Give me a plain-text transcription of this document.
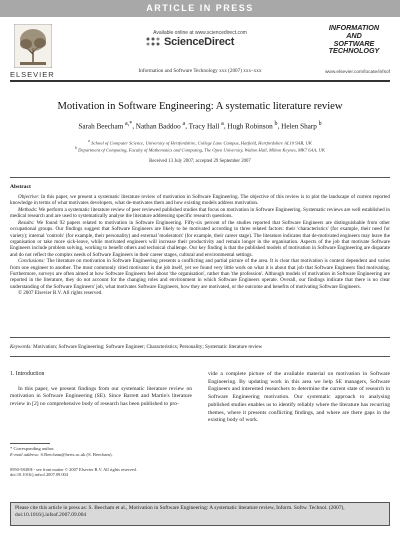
ARTICLE IN PRESS
ELSEVIER
Available online at www.sciencedirect.com
ScienceDirect
Information and Software Technology xxx (2007) xxx–xxx
INFORMATION
AND
SOFTWARE
TECHNOLOGY
www.elsevier.com/locate/infsof
Motivation in Software Engineering: A systematic literature review
Sarah Beecham $^{a,*}$, Nathan Baddoo $^a$, Tracy Hall $^a$, Hugh Robinson $^b$, Helen Sharp $^b$
$^a$ School of Computer Science, University of Hertfordshire, College Lane Campus, Hatfield, Hertfordshire AL10 9AB, UK
$^b$ Department of Computing, Faculty of Mathematics and Computing, The Open University, Walton Hall, Milton Keynes, MK7 6AA, UK
Received 13 July 2007; accepted 29 September 2007
Abstract

Objective: In this paper, we present a systematic literature review of motivation in Software Engineering. The objective of this review is to plot the landscape of current reported knowledge in terms of what motivates developers, what de-motivates them and how existing models address motivation.

Methods: We perform a systematic literature review of peer reviewed published studies that focus on motivation in Software Engineering. Systematic reviews are well established in medical research and are used to systematically analyse the literature addressing specific research questions.

Results: We found 92 papers related to motivation in Software Engineering. Fifty-six percent of the studies reported that Software Engineers are distinguishable from other occupational groups. Our findings suggest that Software Engineers are likely to be motivated according to three related factors: their 'characteristics' (for example, their need for variety); internal 'controls' (for example, their personality) and external 'moderators' (for example, their career stage). The literature indicates that de-motivated engineers may leave the organisation or take more sick-leave, while motivated engineers will increase their productivity and remain longer in the organisation. Aspects of the job that motivate Software Engineers include problem solving, working to benefit others and technical challenge. Our key finding is that the published models of motivation in Software Engineering are disparate and do not reflect the complex needs of Software Engineers in their career stages, cultural and environmental settings.

Conclusions: The literature on motivation in Software Engineering presents a conflicting and partial picture of the area. It is clear that motivation is context dependent and varies from one engineer to another. The most commonly cited motivator is the job itself, yet we found very little work on what it is about that job that Software Engineers find motivating. Furthermore, surveys are often aimed at how Software Engineers feel about 'the organisation', rather than 'the profession'. Although models of motivation in Software Engineering are reported in the literature, they do not account for the changing roles and environment in which Software Engineers operate. Overall, our findings indicate that there is no clear understanding of the Software Engineers' job, what motivates Software Engineers, how they are motivated, or the outcome and benefits of motivating Software Engineers.

© 2007 Elsevier B.V. All rights reserved.

Keywords: Motivation; Software Engineering; Software Engineer; Characteristics; Personality; Systematic literature review
1. Introduction
In this paper, we present findings from our systematic literature review on motivation in Software Engineering (SE). Since Barrett and Martin's literature review in [2] no comprehensive body of research has been published to pro-
vide a complete picture of the available material on motivation in Software Engineering. By updating work in this area we help SE managers, Software Engineers and interested researchers to determine the current state of research in Software Engineering motivation. Our systematic approach to analysing published studies enables us to identify reliably where the literature has recurring themes, where it presents conflicting findings, and where are there gaps in the existing body of work.
* Corresponding author.
E-mail address: S.Beecham@herts.ac.uk (S. Beecham).
0950-5849/$ - see front matter © 2007 Elsevier B.V. All rights reserved.
doi:10.1016/j.infsof.2007.09.004
Please cite this article in press as: S. Beecham et al., Motivation in Software Engineering: A systematic literature review, Inform. Softw. Technol. (2007), doi:10.1016/j.infsof.2007.09.004
